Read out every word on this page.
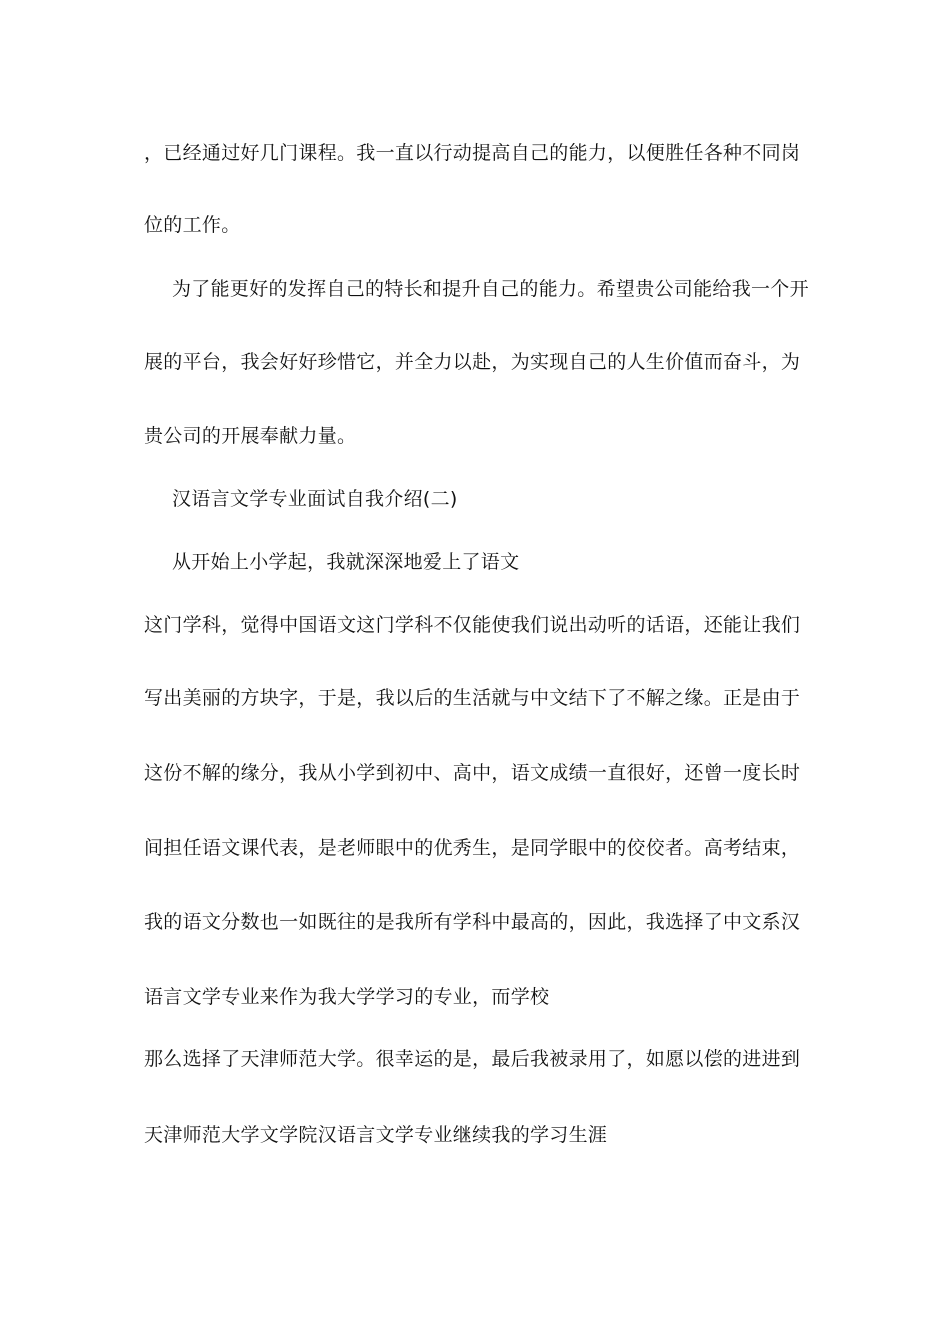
，已经通过好几门课程。我一直以行动提高自己的能力，以便胜任各种不同岗

位的工作。

为了能更好的发挥自己的特长和提升自己的能力。希望贵公司能给我一个开

展的平台，我会好好珍惜它，并全力以赴，为实现自己的人生价值而奋斗，为

贵公司的开展奉献力量。

汉语言文学专业面试自我介绍(二)

从开始上小学起，我就深深地爱上了语文

这门学科，觉得中国语文这门学科不仅能使我们说出动听的话语，还能让我们

写出美丽的方块字，于是，我以后的生活就与中文结下了不解之缘。正是由于

这份不解的缘分，我从小学到初中、高中，语文成绩一直很好，还曾一度长时

间担任语文课代表，是老师眼中的优秀生，是同学眼中的佼佼者。高考结束，

我的语文分数也一如既往的是我所有学科中最高的，因此，我选择了中文系汉

语言文学专业来作为我大学学习的专业，而学校

那么选择了天津师范大学。很幸运的是，最后我被录用了，如愿以偿的进进到

天津师范大学文学院汉语言文学专业继续我的学习生涯
